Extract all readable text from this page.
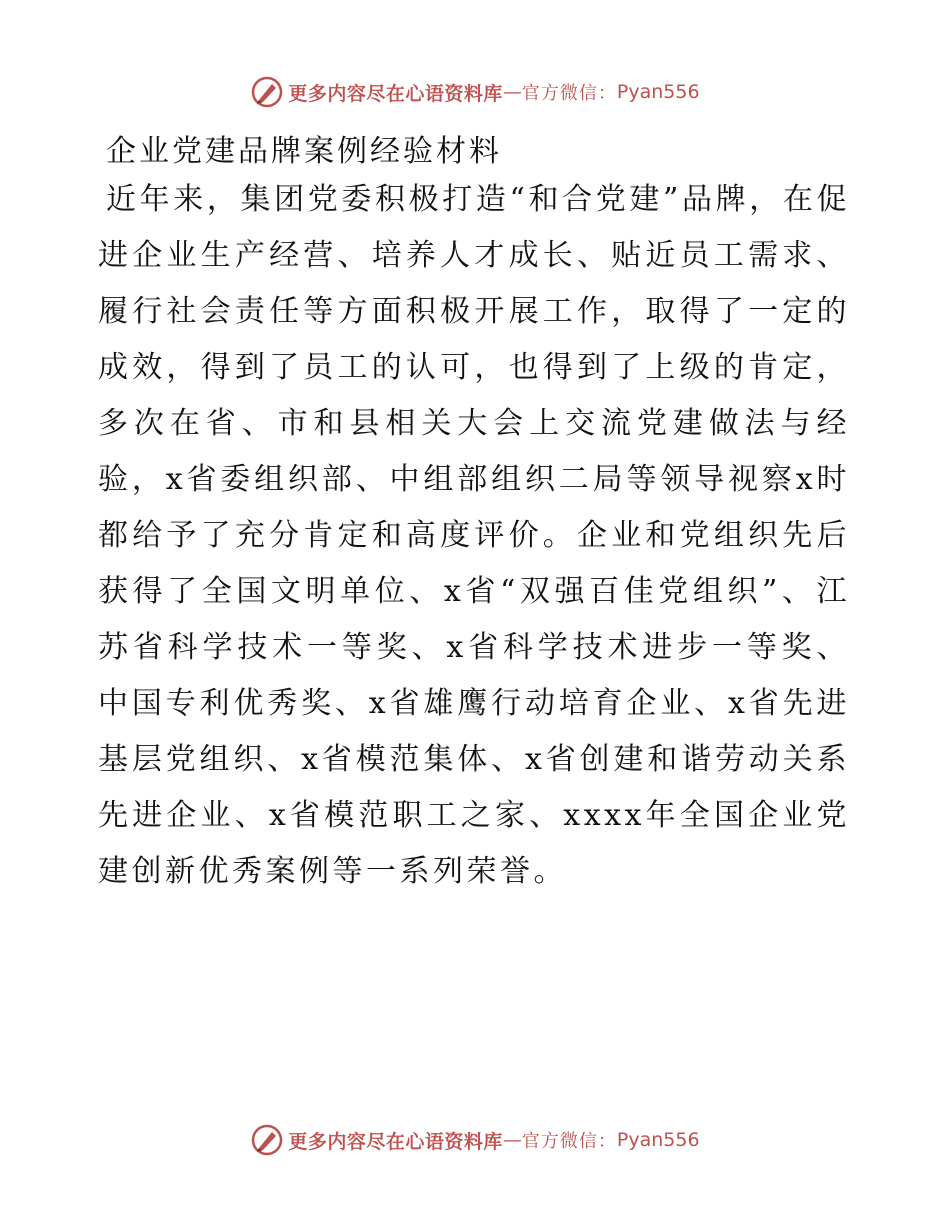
更多内容尽在心语资料库 — 官方微信： Pyan556
企业党建品牌案例经验材料

近年来，集团党委积极打造“和合党建”品牌，在促进企业生产经营、培养人才成长、贴近员工需求、履行社会责任等方面积极开展工作，取得了一定的成效，得到了员工的认可，也得到了上级的肯定，多次在省、市和县相关大会上交流党建做法与经验，x省委组织部、中组部组织二局等领导视察x时都给予了充分肯定和高度评价。企业和党组织先后获得了全国文明单位、x省“双强百佳党组织”、江苏省科学技术一等奖、x省科学技术进步一等奖、中国专利优秀奖、x省雄鹰行动培育企业、x省先进基层党组织、x省模范集体、x省创建和谐劳动关系先进企业、x省模范职工之家、xxxx年全国企业党建创新优秀案例等一系列荣誉。

更多内容尽在心语资料库 — 官方微信： Pyan556
